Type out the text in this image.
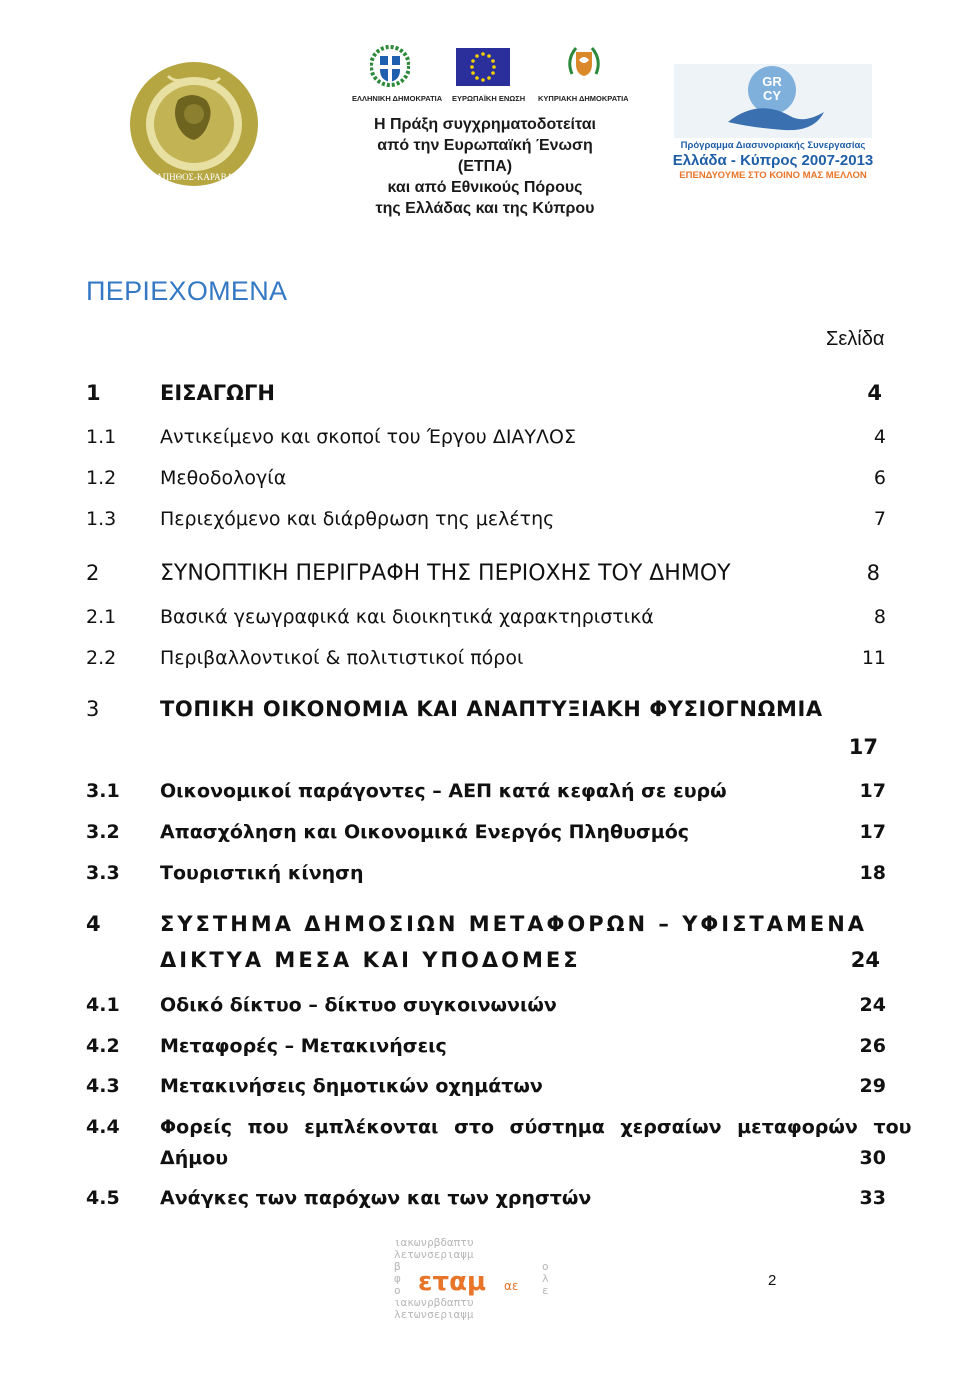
ΛΑΠΗΘΟΣ-ΚΑΡΑΒΑΣ
ΕΛΛΗΝΙΚΗ ΔΗΜΟΚΡΑΤΙΑ ΕΥΡΩΠΑΪΚΗ ΕΝΩΣΗ ΚΥΠΡΙΑΚΗ ΔΗΜΟΚΡΑΤΙΑ
Η Πράξη συγχρηματοδοτείται
από την Ευρωπαϊκή Ένωση (ΕΤΠΑ)
και από Εθνικούς Πόρους
της Ελλάδας και της Κύπρου
GR
CY
Πρόγραμμα Διασυνοριακής Συνεργασίας
Ελλάδα - Κύπρος 2007-2013
ΕΠΕΝΔΥΟΥΜΕ ΣΤΟ ΚΟΙΝΟ ΜΑΣ ΜΕΛΛΟΝ
ΠΕΡΙΕΧΟΜΕΝΑ
Σελίδα
1	ΕΙΣΑΓΩΓΗ	4
1.1 Αντικείμενο και σκοποί του Έργου ΔΙΑΥΛΟΣ	4
1.2 Μεθοδολογία	6
1.3 Περιεχόμενο και διάρθρωση της μελέτης	7
2	ΣΥΝΟΠΤΙΚΗ ΠΕΡΙΓΡΑΦΗ ΤΗΣ ΠΕΡΙΟΧΗΣ ΤΟΥ ΔΗΜΟΥ	8
2.1 Βασικά γεωγραφικά και διοικητικά χαρακτηριστικά	8
2.2 Περιβαλλοντικοί & πολιτιστικοί πόροι	11
3	ΤΟΠΙΚΗ ΟΙΚΟΝΟΜΙΑ ΚΑΙ ΑΝΑΠΤΥΞΙΑΚΗ ΦΥΣΙΟΓΝΩΜΙΑ
17
3.1 Οικονομικοί παράγοντες – ΑΕΠ κατά κεφαλή σε ευρώ	17
3.2 Απασχόληση και Οικονομικά Ενεργός Πληθυσμός	17
3.3 Τουριστική κίνηση	18
4	ΣΥΣΤΗΜΑ ΔΗΜΟΣΙΩΝ ΜΕΤΑΦΟΡΩΝ – ΥΦΙΣΤΑΜΕΝΑ
ΔΙΚΤΥΑ ΜΕΣΑ ΚΑΙ ΥΠΟΔΟΜΕΣ	24
4.1 Οδικό δίκτυο – δίκτυο συγκοινωνιών	24
4.2 Μεταφορές – Μετακινήσεις	26
4.3 Μετακινήσεις δημοτικών οχημάτων	29
4.4 Φορείς που εμπλέκονται στο σύστημα χερσαίων μεταφορών του
Δήμου	30
4.5 Ανάγκες των παρόχων και των χρηστών	33
ιακωνρβδαπτυ
λετωνσεριαψμ
β	ο
φ	λ
ο	ε
ιακωνρβδαπτυ
λετωνσεριαψμ
εταμ αε	2
